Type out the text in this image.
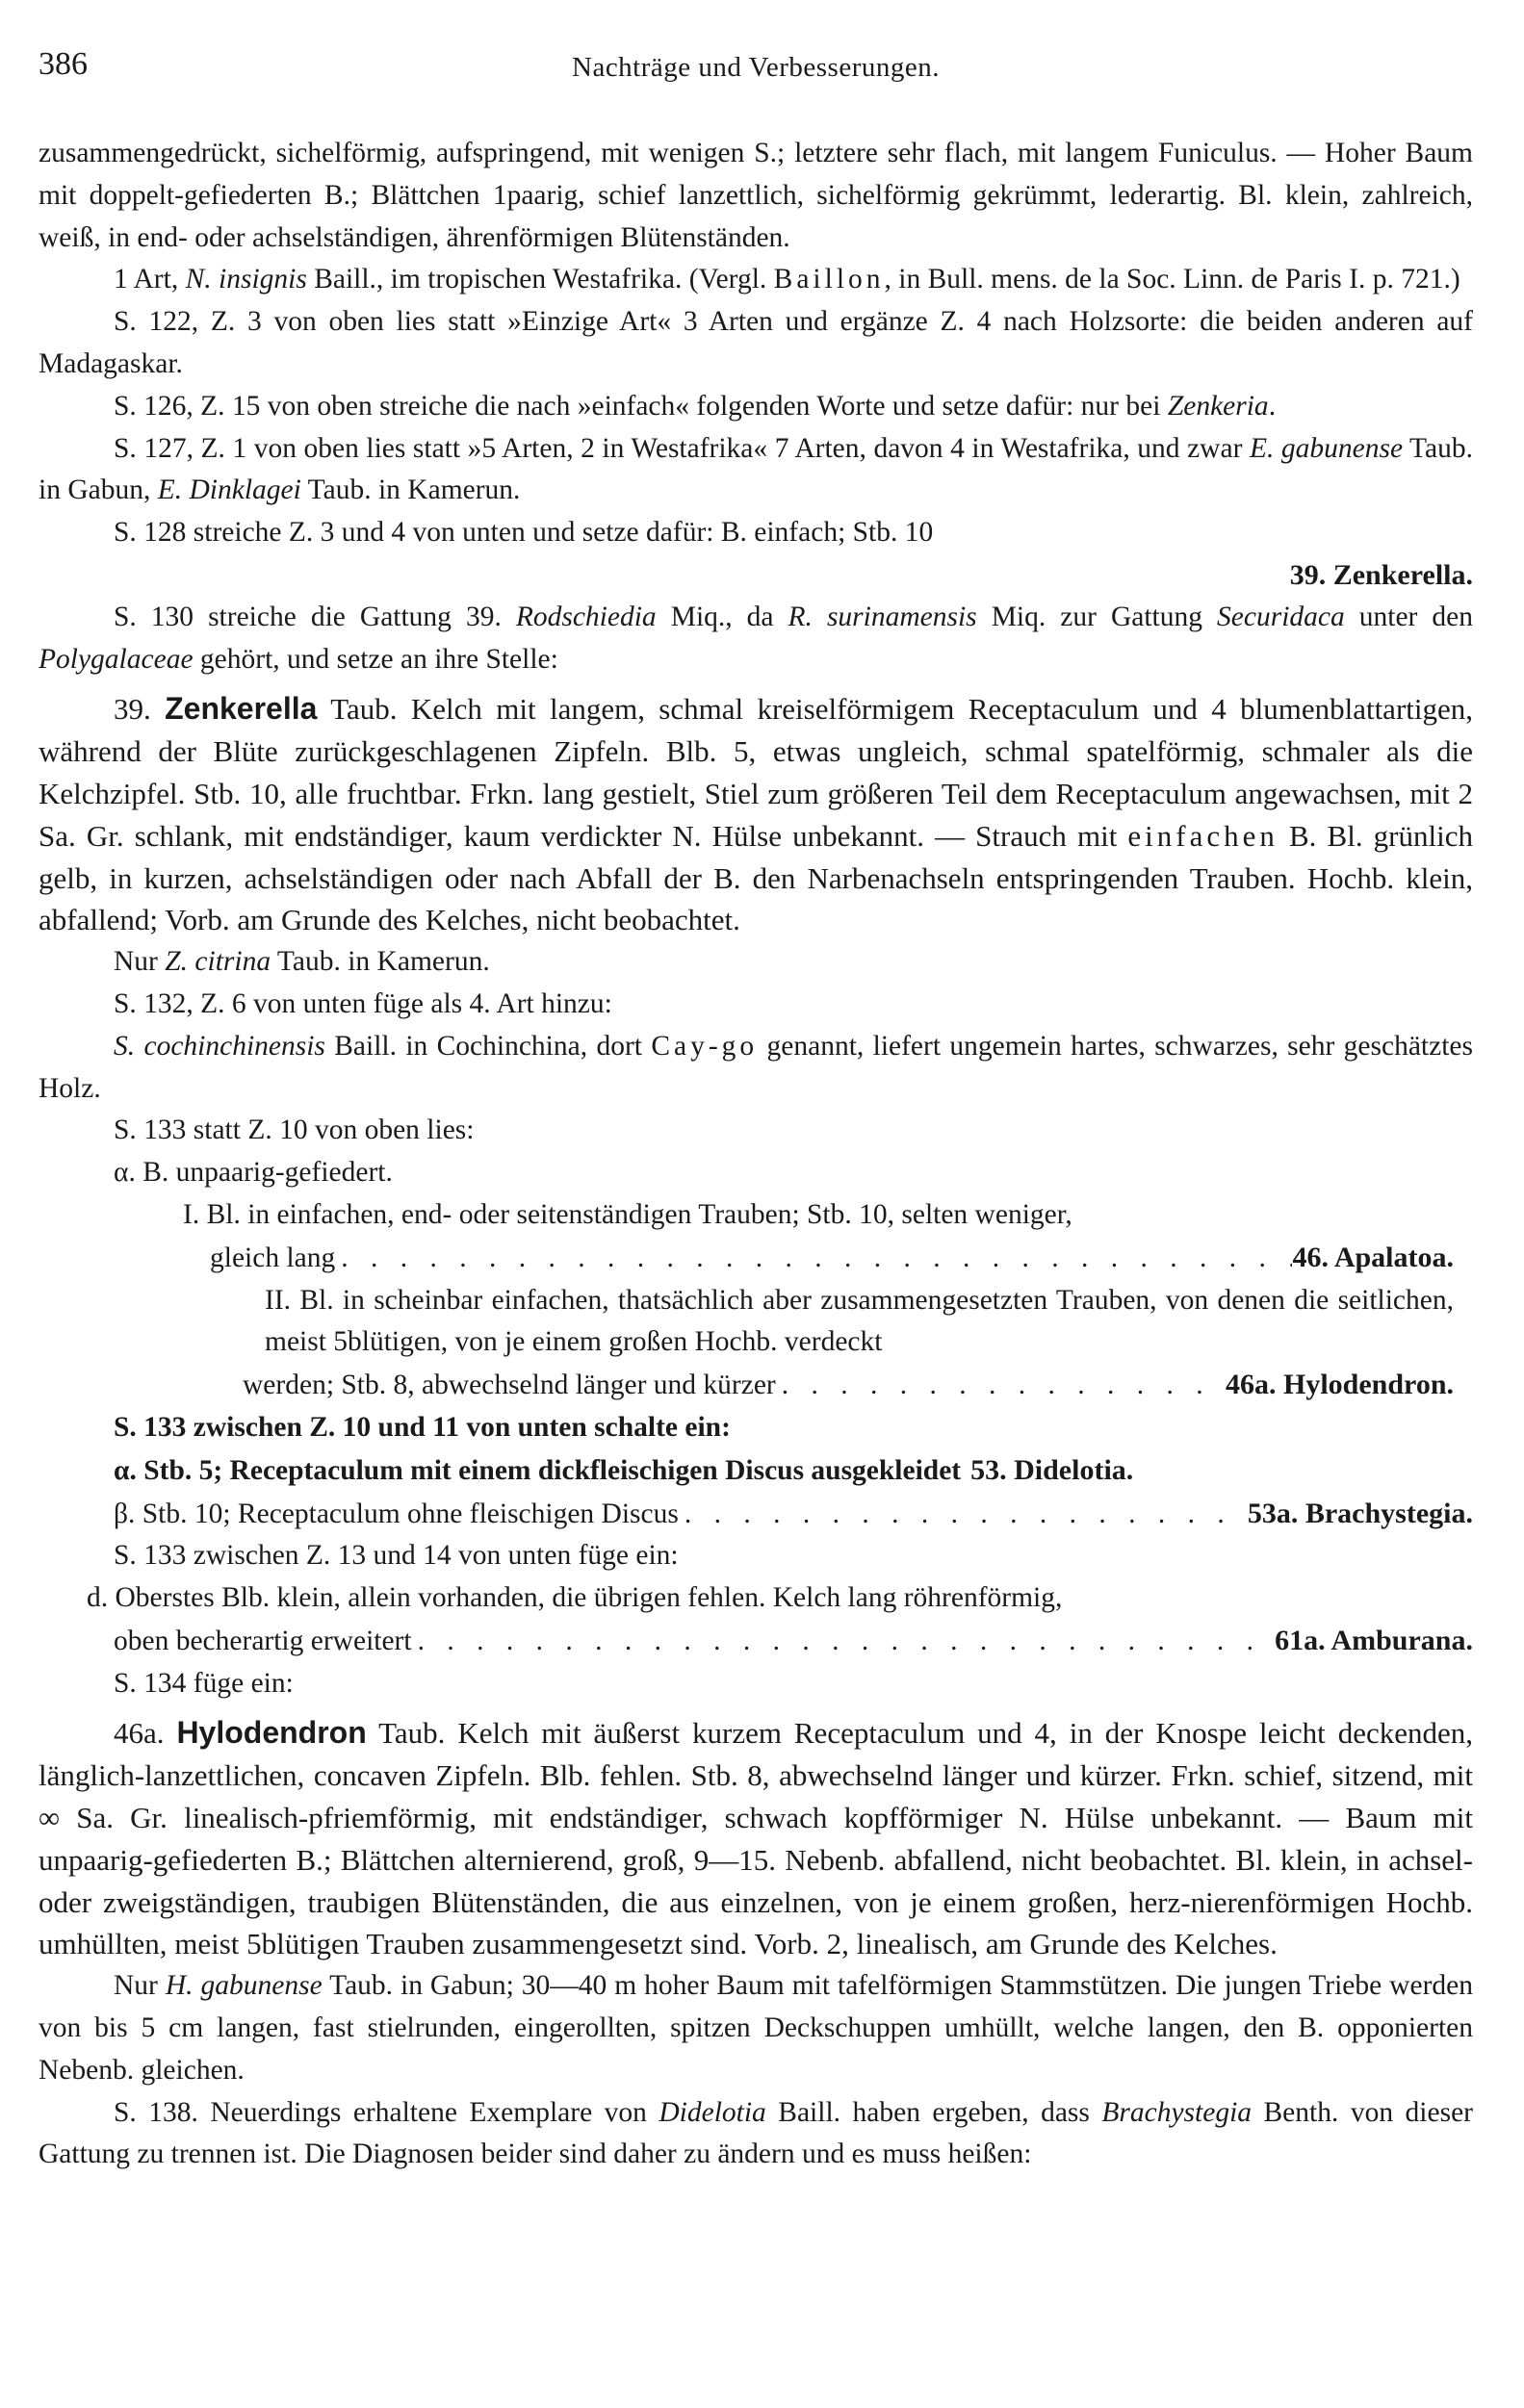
386	Nachträge und Verbesserungen.

zusammengedrückt, sichelförmig, aufspringend, mit wenigen S.; letztere sehr flach, mit langem Funiculus. — Hoher Baum mit doppelt-gefiederten B.; Blättchen 1paarig, schief lanzettlich, sichelförmig gekrümmt, lederartig. Bl. klein, zahlreich, weiß, in end- oder achselständigen, ährenförmigen Blütenständen.

1 Art, N. insignis Baill., im tropischen Westafrika. (Vergl. Baillon, in Bull. mens. de la Soc. Linn. de Paris I. p. 721.)

S. 122, Z. 3 von oben lies statt »Einzige Art« 3 Arten und ergänze Z. 4 nach Holzsorte: die beiden anderen auf Madagaskar.

S. 126, Z. 15 von oben streiche die nach »einfach« folgenden Worte und setze dafür: nur bei Zenkeria.

S. 127, Z. 1 von oben lies statt »5 Arten, 2 in Westafrika« 7 Arten, davon 4 in Westafrika, und zwar E. gabunense Taub. in Gabun, E. Dinklagei Taub. in Kamerun.

S. 128 streiche Z. 3 und 4 von unten und setze dafür: B. einfach; Stb. 10

39. Zenkerella.

S. 130 streiche die Gattung 39. Rodschiedia Miq., da R. surinamensis Miq. zur Gattung Securidaca unter den Polygalaceae gehört, und setze an ihre Stelle:

39. Zenkerella Taub. Kelch mit langem, schmal kreiselförmigem Receptaculum und 4 blumenblattartigen, während der Blüte zurückgeschlagenen Zipfeln. Blb. 5, etwas ungleich, schmal spatelförmig, schmaler als die Kelchzipfel. Stb. 10, alle fruchtbar. Frkn. lang gestielt, Stiel zum größeren Teil dem Receptaculum angewachsen, mit 2 Sa. Gr. schlank, mit endständiger, kaum verdickter N. Hülse unbekannt. — Strauch mit einfachen B. Bl. grünlich gelb, in kurzen, achselständigen oder nach Abfall der B. den Narbenachseln entspringenden Trauben. Hochb. klein, abfallend; Vorb. am Grunde des Kelches, nicht beobachtet.

Nur Z. citrina Taub. in Kamerun.

S. 132, Z. 6 von unten füge als 4. Art hinzu:

S. cochinchinensis Baill. in Cochinchina, dort Cay-go genannt, liefert ungemein hartes, schwarzes, sehr geschätztes Holz.

S. 133 statt Z. 10 von oben lies:

α. B. unpaarig-gefiedert.

I. Bl. in einfachen, end- oder seitenständigen Trauben; Stb. 10, selten weniger,

gleich lang . . .	46. Apalatoa.

II. Bl. in scheinbar einfachen, thatsächlich aber zusammengesetzten Trauben, von denen die seitlichen, meist 5blütigen, von je einem großen Hochb. verdeckt

werden; Stb. 8, abwechselnd länger und kürzer . . .	46a. Hylodendron.

S. 133 zwischen Z. 10 und 11 von unten schalte ein:

α. Stb. 5; Receptaculum mit einem dickfleischigen Discus ausgekleidet 53. Didelotia.
β. Stb. 10; Receptaculum ohne fleischigen Discus . . .	53a. Brachystegia.

S. 133 zwischen Z. 13 und 14 von unten füge ein:

d. Oberstes Blb. klein, allein vorhanden, die übrigen fehlen. Kelch lang röhrenförmig,

oben becherartig erweitert . . .	61a. Amburana.

S. 134 füge ein:

46a. Hylodendron Taub. Kelch mit äußerst kurzem Receptaculum und 4, in der Knospe leicht deckenden, länglich-lanzettlichen, concaven Zipfeln. Blb. fehlen. Stb. 8, abwechselnd länger und kürzer. Frkn. schief, sitzend, mit ∞ Sa. Gr. linealisch-pfriemförmig, mit endständiger, schwach kopfförmiger N. Hülse unbekannt. — Baum mit unpaarig-gefiederten B.; Blättchen alternierend, groß, 9—15. Nebenb. abfallend, nicht beobachtet. Bl. klein, in achsel- oder zweigständigen, traubigen Blütenständen, die aus einzelnen, von je einem großen, herz-nierenförmigen Hochb. umhüllten, meist 5blütigen Trauben zusammengesetzt sind. Vorb. 2, linealisch, am Grunde des Kelches.

Nur H. gabunense Taub. in Gabun; 30—40 m hoher Baum mit tafelförmigen Stammstützen. Die jungen Triebe werden von bis 5 cm langen, fast stielrunden, eingerollten, spitzen Deckschuppen umhüllt, welche langen, den B. opponierten Nebenb. gleichen.

S. 138. Neuerdings erhaltene Exemplare von Didelotia Baill. haben ergeben, dass Brachystegia Benth. von dieser Gattung zu trennen ist. Die Diagnosen beider sind daher zu ändern und es muss heißen:
